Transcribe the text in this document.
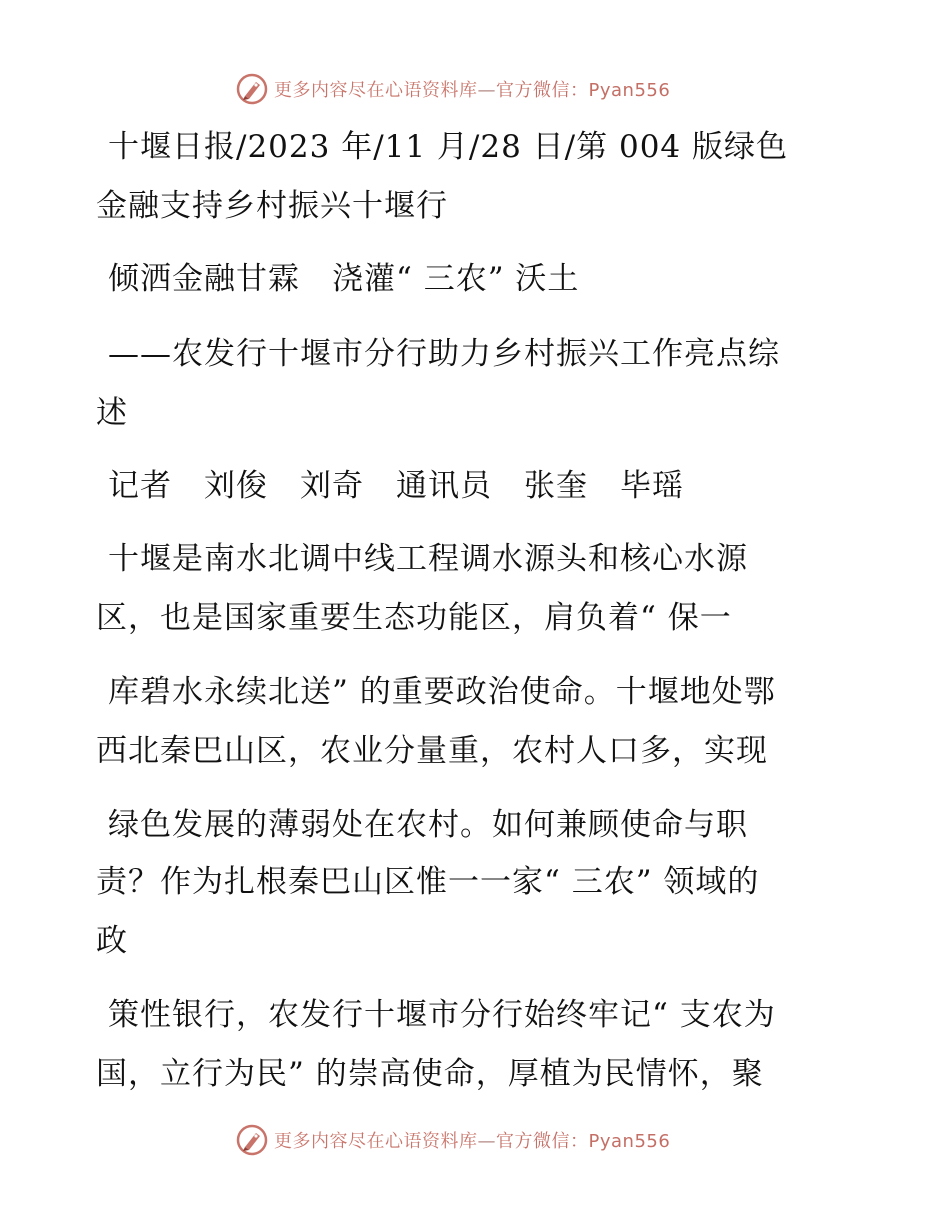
更多内容尽在心语资料库—官方微信：Pyan556
十堰日报/2023 年/11 月/28 日/第 004 版绿色
金融支持乡村振兴十堰行
倾洒金融甘霖　浇灌“ 三农” 沃土
——农发行十堰市分行助力乡村振兴工作亮点综
述
记者　刘俊　刘奇　通讯员　张奎　毕瑶
十堰是南水北调中线工程调水源头和核心水源
区，也是国家重要生态功能区，肩负着“ 保一
库碧水永续北送” 的重要政治使命。十堰地处鄂
西北秦巴山区，农业分量重，农村人口多，实现
绿色发展的薄弱处在农村。如何兼顾使命与职
责？作为扎根秦巴山区惟一一家“ 三农” 领域的
政
策性银行，农发行十堰市分行始终牢记“ 支农为
国，立行为民” 的崇高使命，厚植为民情怀，聚
更多内容尽在心语资料库—官方微信：Pyan556
